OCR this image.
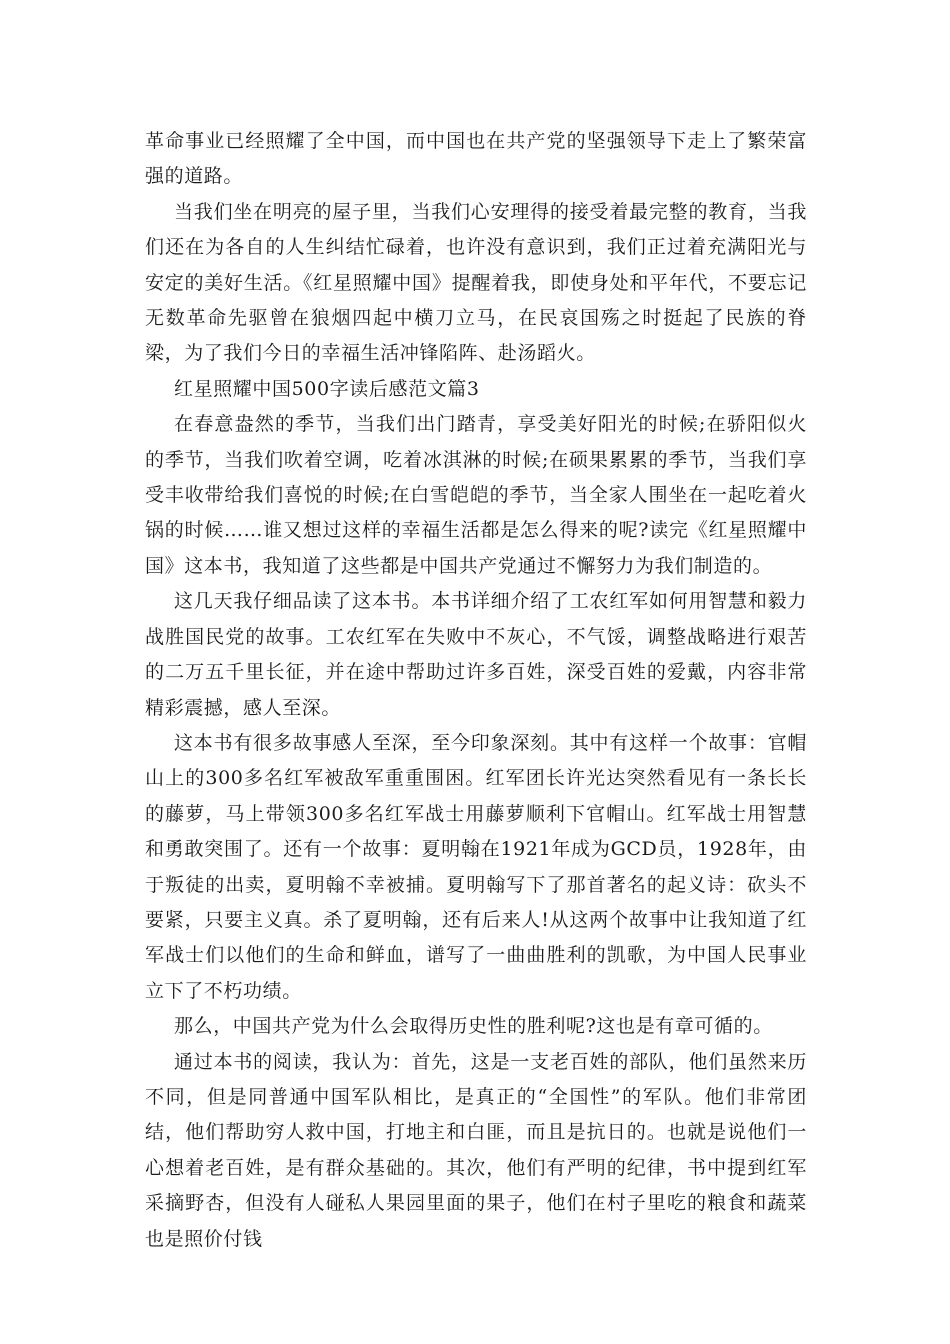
革命事业已经照耀了全中国，而中国也在共产党的坚强领导下走上了繁荣富强的道路。

当我们坐在明亮的屋子里，当我们心安理得的接受着最完整的教育，当我们还在为各自的人生纠结忙碌着，也许没有意识到，我们正过着充满阳光与安定的美好生活。《红星照耀中国》提醒着我，即使身处和平年代，不要忘记无数革命先驱曾在狼烟四起中横刀立马，在民哀国殇之时挺起了民族的脊梁，为了我们今日的幸福生活冲锋陷阵、赴汤蹈火。

红星照耀中国500字读后感范文篇3

在春意盎然的季节，当我们出门踏青，享受美好阳光的时候;在骄阳似火的季节，当我们吹着空调，吃着冰淇淋的时候;在硕果累累的季节，当我们享受丰收带给我们喜悦的时候;在白雪皑皑的季节，当全家人围坐在一起吃着火锅的时候……谁又想过这样的幸福生活都是怎么得来的呢?读完《红星照耀中国》这本书，我知道了这些都是中国共产党通过不懈努力为我们制造的。

这几天我仔细品读了这本书。本书详细介绍了工农红军如何用智慧和毅力战胜国民党的故事。工农红军在失败中不灰心，不气馁，调整战略进行艰苦的二万五千里长征，并在途中帮助过许多百姓，深受百姓的爱戴，内容非常精彩震撼，感人至深。

这本书有很多故事感人至深，至今印象深刻。其中有这样一个故事：官帽山上的300多名红军被敌军重重围困。红军团长许光达突然看见有一条长长的藤萝，马上带领300多名红军战士用藤萝顺利下官帽山。红军战士用智慧和勇敢突围了。还有一个故事：夏明翰在1921年成为GCD员，1928年，由于叛徒的出卖，夏明翰不幸被捕。夏明翰写下了那首著名的起义诗：砍头不要紧，只要主义真。杀了夏明翰，还有后来人!从这两个故事中让我知道了红军战士们以他们的生命和鲜血，谱写了一曲曲胜利的凯歌，为中国人民事业立下了不朽功绩。

那么，中国共产党为什么会取得历史性的胜利呢?这也是有章可循的。

通过本书的阅读，我认为：首先，这是一支老百姓的部队，他们虽然来历不同，但是同普通中国军队相比，是真正的“全国性”的军队。他们非常团结，他们帮助穷人救中国，打地主和白匪，而且是抗日的。也就是说他们一心想着老百姓，是有群众基础的。其次，他们有严明的纪律，书中提到红军采摘野杏，但没有人碰私人果园里面的果子，他们在村子里吃的粮食和蔬菜也是照价付钱
